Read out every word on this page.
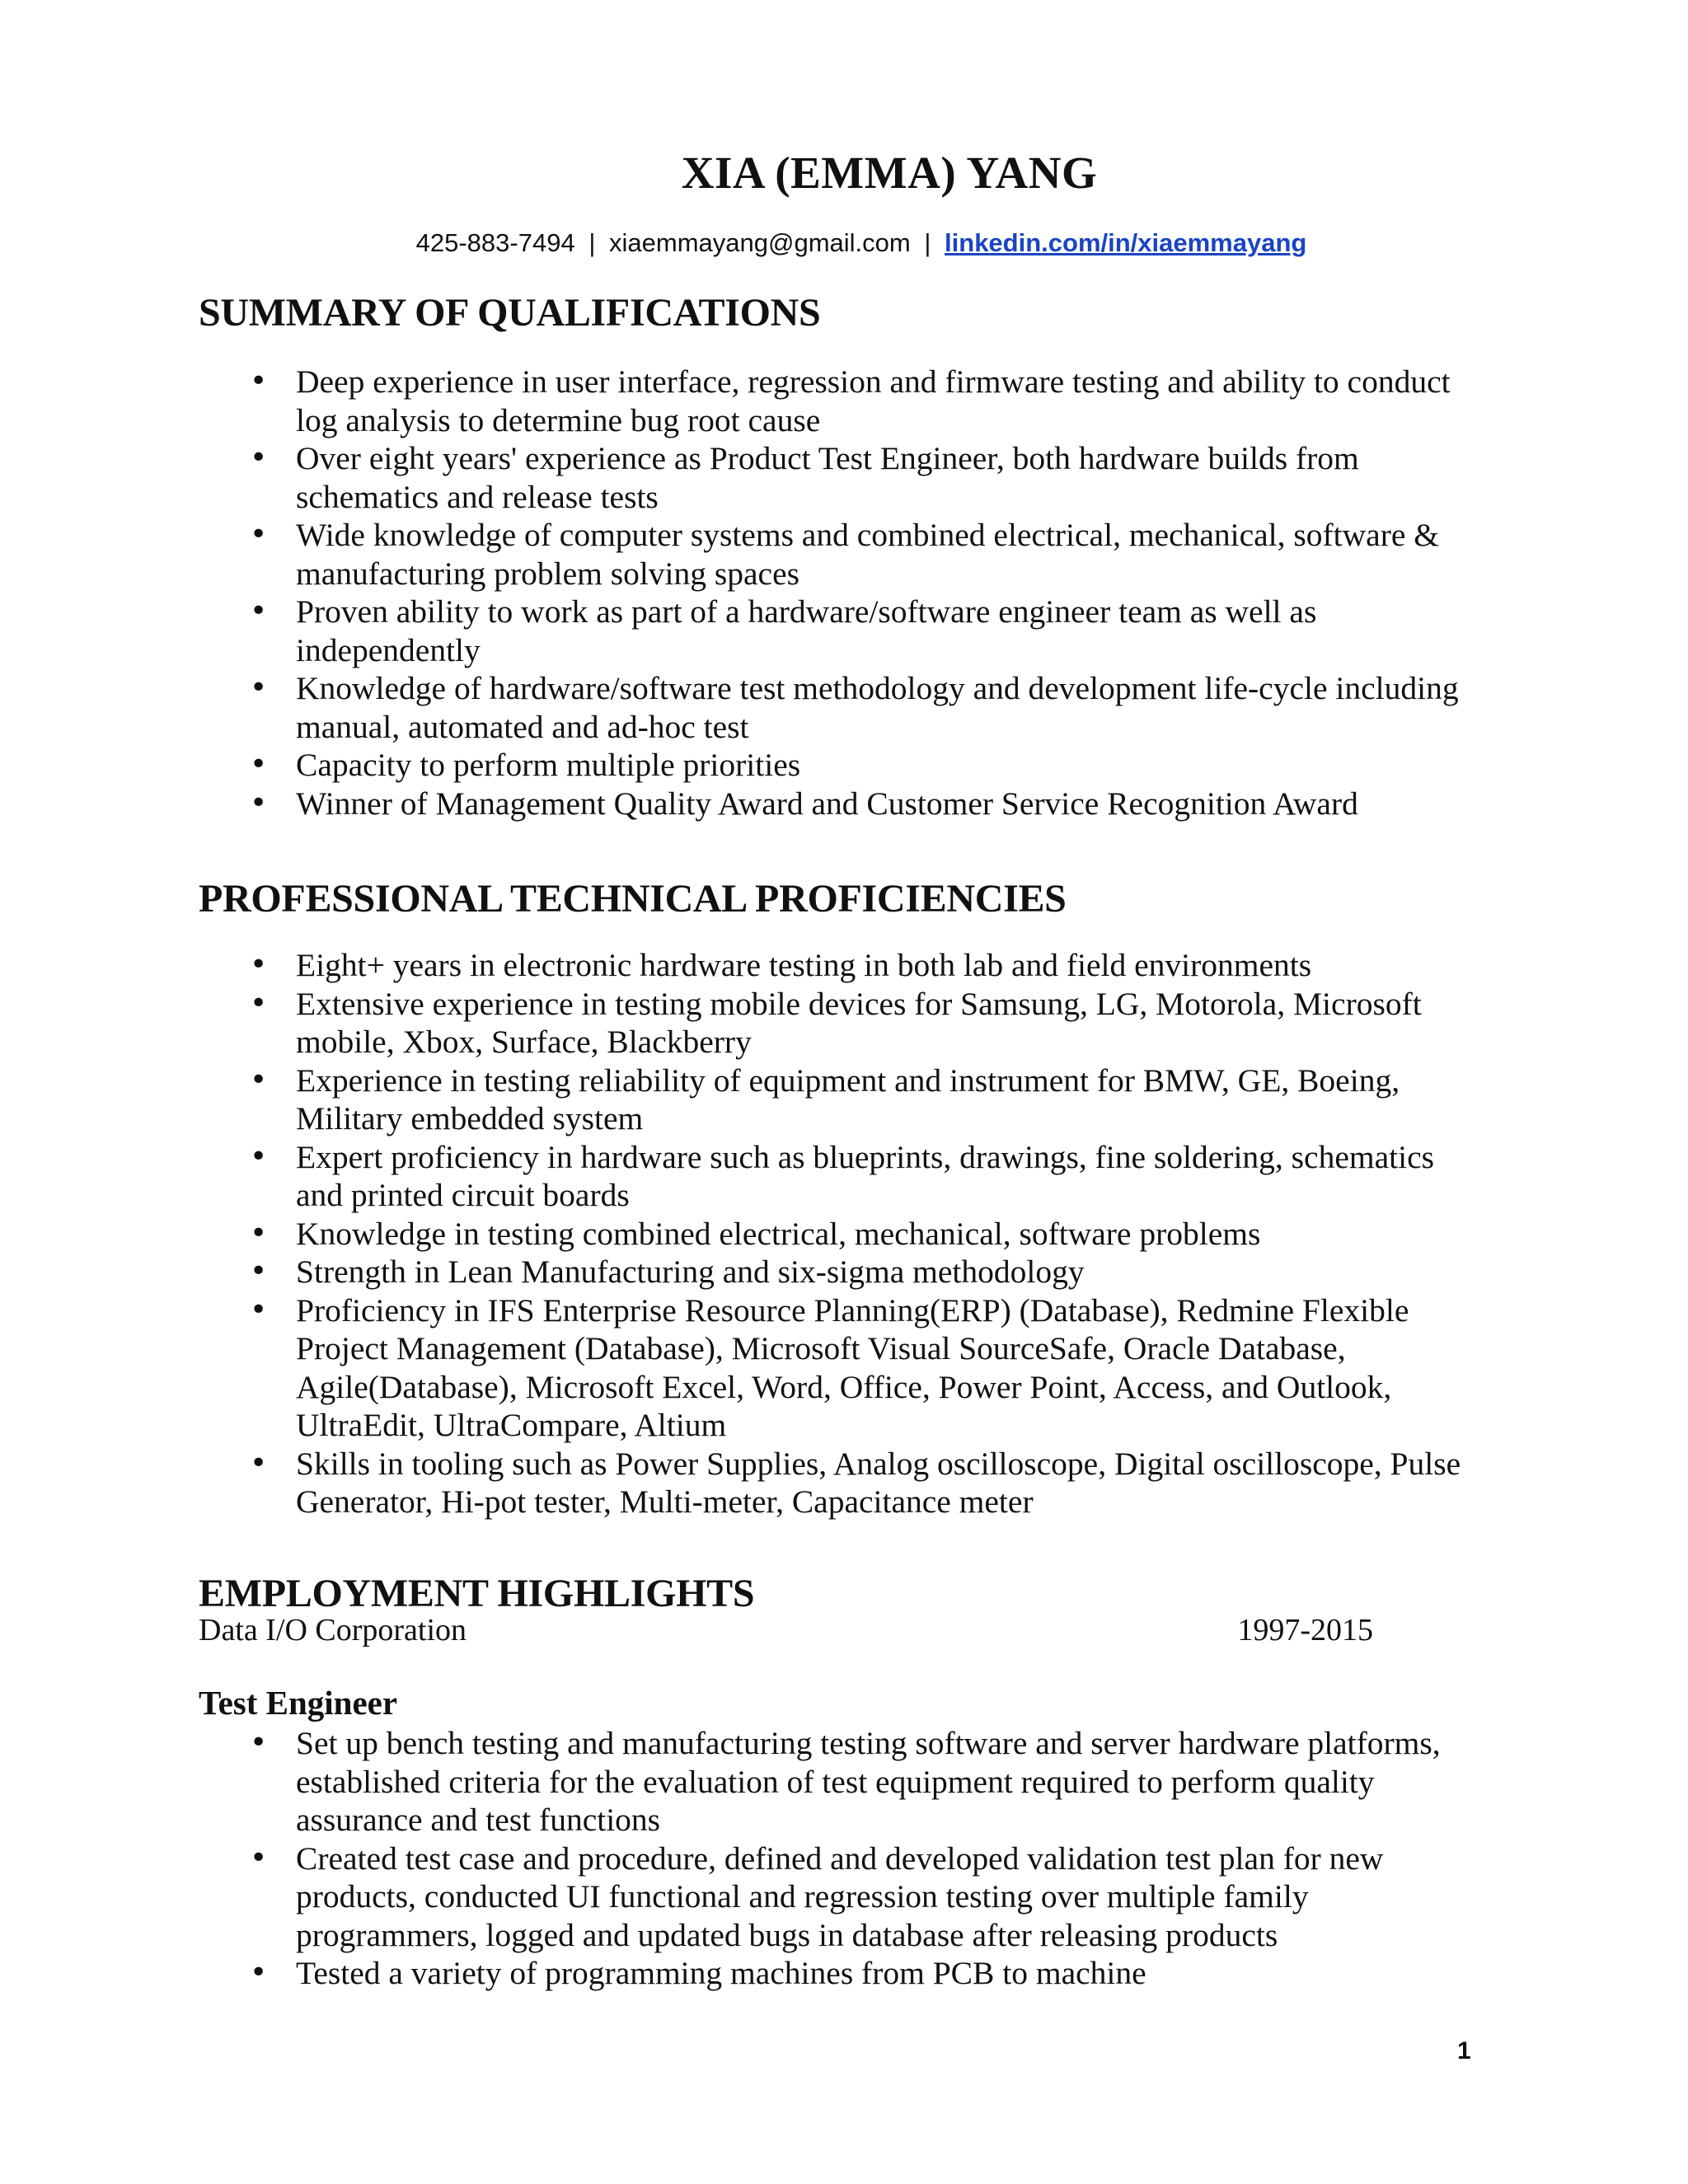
XIA (EMMA) YANG
425-883-7494 | xiaemmayang@gmail.com | linkedin.com/in/xiaemmayang
SUMMARY OF QUALIFICATIONS
• Deep experience in user interface, regression and firmware testing and ability to conduct log analysis to determine bug root cause
• Over eight years' experience as Product Test Engineer, both hardware builds from schematics and release tests
• Wide knowledge of computer systems and combined electrical, mechanical, software & manufacturing problem solving spaces
• Proven ability to work as part of a hardware/software engineer team as well as independently
• Knowledge of hardware/software test methodology and development life-cycle including manual, automated and ad-hoc test
• Capacity to perform multiple priorities
• Winner of Management Quality Award and Customer Service Recognition Award
PROFESSIONAL TECHNICAL PROFICIENCIES
• Eight+ years in electronic hardware testing in both lab and field environments
• Extensive experience in testing mobile devices for Samsung, LG, Motorola, Microsoft mobile, Xbox, Surface, Blackberry
• Experience in testing reliability of equipment and instrument for BMW, GE, Boeing, Military embedded system
• Expert proficiency in hardware such as blueprints, drawings, fine soldering, schematics and printed circuit boards
• Knowledge in testing combined electrical, mechanical, software problems
• Strength in Lean Manufacturing and six-sigma methodology
• Proficiency in IFS Enterprise Resource Planning(ERP) (Database), Redmine Flexible Project Management (Database), Microsoft Visual SourceSafe, Oracle Database, Agile(Database), Microsoft Excel, Word, Office, Power Point, Access, and Outlook, UltraEdit, UltraCompare, Altium
• Skills in tooling such as Power Supplies, Analog oscilloscope, Digital oscilloscope, Pulse Generator, Hi-pot tester, Multi-meter, Capacitance meter
EMPLOYMENT HIGHLIGHTS
Data I/O Corporation	1997-2015
Test Engineer
• Set up bench testing and manufacturing testing software and server hardware platforms, established criteria for the evaluation of test equipment required to perform quality assurance and test functions
• Created test case and procedure, defined and developed validation test plan for new products, conducted UI functional and regression testing over multiple family programmers, logged and updated bugs in database after releasing products
• Tested a variety of programming machines from PCB to machine
1
